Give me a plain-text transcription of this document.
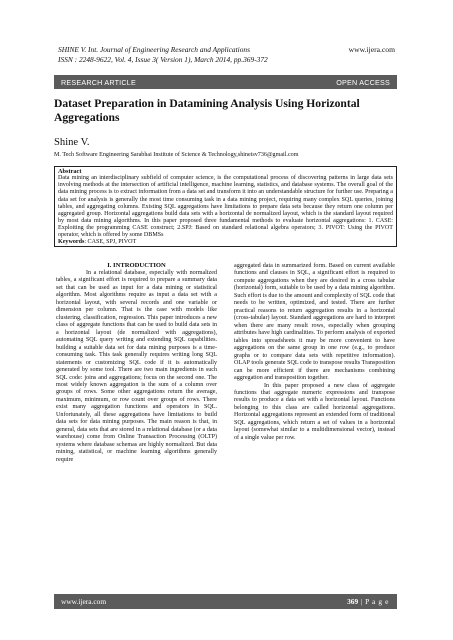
SHINE V. Int. Journal of Engineering Research and Applications
ISSN : 2248-9622, Vol. 4, Issue 3( Version 1), March 2014, pp.369-372
www.ijera.com
RESEARCH ARTICLE	OPEN ACCESS
Dataset Preparation in Datamining Analysis Using Horizontal Aggregations
Shine V.
M. Tech Software Engineering Sarabhai Institute of Science & Technology,shineisv736@gmail.com
Abstract
Data mining an interdisciplinary subfield of computer science, is the computational process of discovering patterns in large data sets involving methods at the intersection of artificial intelligence, machine learning, statistics, and database systems. The overall goal of the data mining process is to extract information from a data set and transform it into an understandable structure for further use. Preparing a data set for analysis is generally the most time consuming task in a data mining project, requiring many complex SQL queries, joining tables, and aggregating columns. Existing SQL aggregations have limitations to prepare data sets because they return one column per aggregated group. Horizontal aggregations build data sets with a horizontal de normalized layout, which is the standard layout required by most data mining algorithms. In this paper proposed three fundamental methods to evaluate horizontal aggregations: 1. CASE: Exploiting the programming CASE construct; 2.SPJ: Based on standard relational algebra operators; 3. PIVOT: Using the PIVOT operator, which is offered by some DBMSs
Keywords: CASE, SPJ, PIVOT
I. INTRODUCTION

In a relational database, especially with normalized tables, a significant effort is required to prepare a summary data set that can be used as input for a data mining or statistical algorithm. Most algorithms require as input a data set with a horizontal layout, with several records and one variable or dimension per column. That is the case with models like clustering, classification, regression. This paper introduces a new class of aggregate functions that can be used to build data sets in a horizontal layout (de normalized with aggregations), automating SQL query writing and extending SQL capabilities. building a suitable data set for data mining purposes is a time-consuming task. This task generally requires writing long SQL statements or customizing SQL code if it is automatically generated by some tool. There are two main ingredients in such SQL code: joins and aggregations; focus on the second one. The most widely known aggregation is the sum of a column over groups of rows. Some other aggregations return the average, maximum, minimum, or row count over groups of rows. There exist many aggregation functions and operators in SQL. Unfortunately, all these aggregations have limitations to build data sets for data mining purposes. The main reason is that, in general, data sets that are stored in a relational database (or a data warehouse) come from Online Transaction Processing (OLTP) systems where database schemas are highly normalized. But data mining, statistical, or machine learning algorithms generally require

aggregated data in summarized form. Based on current available functions and clauses in SQL, a significant effort is required to compute aggregations when they are desired in a cross tabular (horizontal) form, suitable to be used by a data mining algorithm. Such effort is due to the amount and complexity of SQL code that needs to be written, optimized, and tested. There are further practical reasons to return aggregation results in a horizontal (cross-tabular) layout. Standard aggregations are hard to interpret when there are many result rows, especially when grouping attributes have high cardinalities. To perform analysis of exported tables into spreadsheets it may be more convenient to have aggregations on the same group in one row (e.g., to produce graphs or to compare data sets with repetitive information). OLAP tools generate SQL code to transpose results Transposition can be more efficient if there are mechanisms combining aggregation and transposition together.

In this paper proposed a new class of aggregate functions that aggregate numeric expressions and transpose results to produce a data set with a horizontal layout. Functions belonging to this class are called horizontal aggregations. Horizontal aggregations represent an extended form of traditional SQL aggregations, which return a set of values in a horizontal layout (somewhat similar to a multidimensional vector), instead of a single value per row.

www.ijera.com	369 | P a g e
